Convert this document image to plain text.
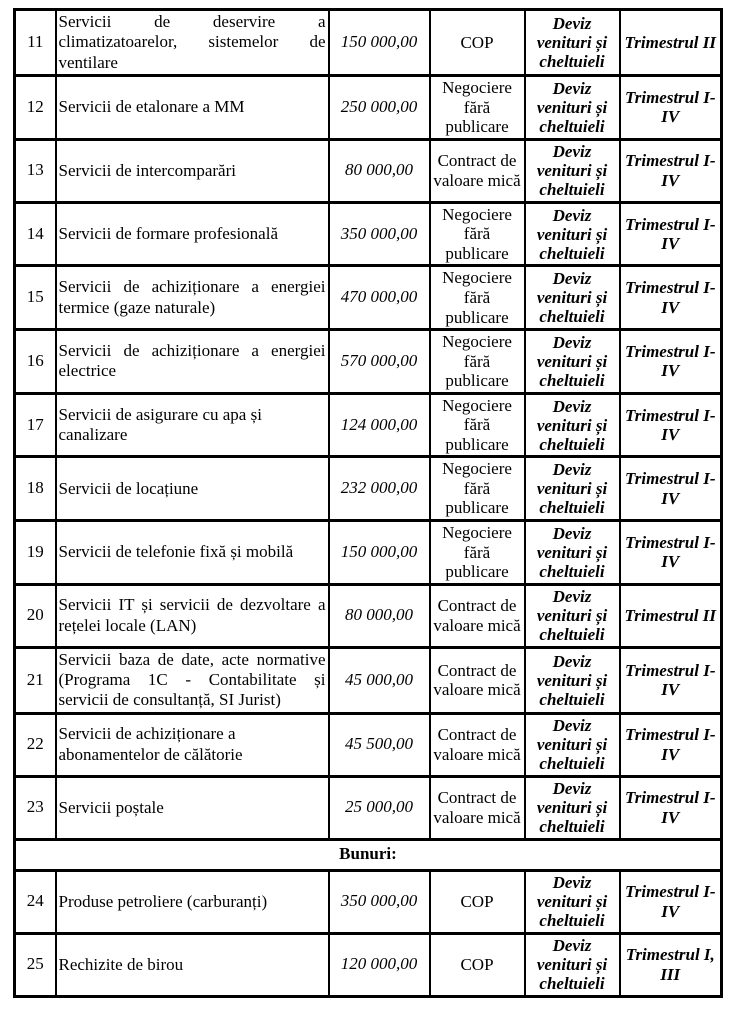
11	Servicii de deservire a climatizatoarelor, sistemelor de ventilare	150 000,00	COP	Deviz venituri și cheltuieli	Trimestrul II
12	Servicii de etalonare a MM	250 000,00	Negociere fără publicare	Deviz venituri și cheltuieli	Trimestrul I-IV
13	Servicii de intercomparări	80 000,00	Contract de valoare mică	Deviz venituri și cheltuieli	Trimestrul I-IV
14	Servicii de formare profesională	350 000,00	Negociere fără publicare	Deviz venituri și cheltuieli	Trimestrul I-IV
15	Servicii de achiziționare a energiei termice (gaze naturale)	470 000,00	Negociere fără publicare	Deviz venituri și cheltuieli	Trimestrul I-IV
16	Servicii de achiziționare a energiei electrice	570 000,00	Negociere fără publicare	Deviz venituri și cheltuieli	Trimestrul I-IV
17	Servicii de asigurare cu apa și canalizare	124 000,00	Negociere fără publicare	Deviz venituri și cheltuieli	Trimestrul I-IV
18	Servicii de locațiune	232 000,00	Negociere fără publicare	Deviz venituri și cheltuieli	Trimestrul I-IV
19	Servicii de telefonie fixă și mobilă	150 000,00	Negociere fără publicare	Deviz venituri și cheltuieli	Trimestrul I-IV
20	Servicii IT și servicii de dezvoltare a rețelei locale (LAN)	80 000,00	Contract de valoare mică	Deviz venituri și cheltuieli	Trimestrul II
21	Servicii baza de date, acte normative (Programa 1C - Contabilitate și servicii de consultanță, SI Jurist)	45 000,00	Contract de valoare mică	Deviz venituri și cheltuieli	Trimestrul I-IV
22	Servicii de achiziționare a abonamentelor de călătorie	45 500,00	Contract de valoare mică	Deviz venituri și cheltuieli	Trimestrul I-IV
23	Servicii poștale	25 000,00	Contract de valoare mică	Deviz venituri și cheltuieli	Trimestrul I-IV
Bunuri:					
24	Produse petroliere (carburanți)	350 000,00	COP	Deviz venituri și cheltuieli	Trimestrul I-IV
25	Rechizite de birou	120 000,00	COP	Deviz venituri și cheltuieli	Trimestrul I, III
